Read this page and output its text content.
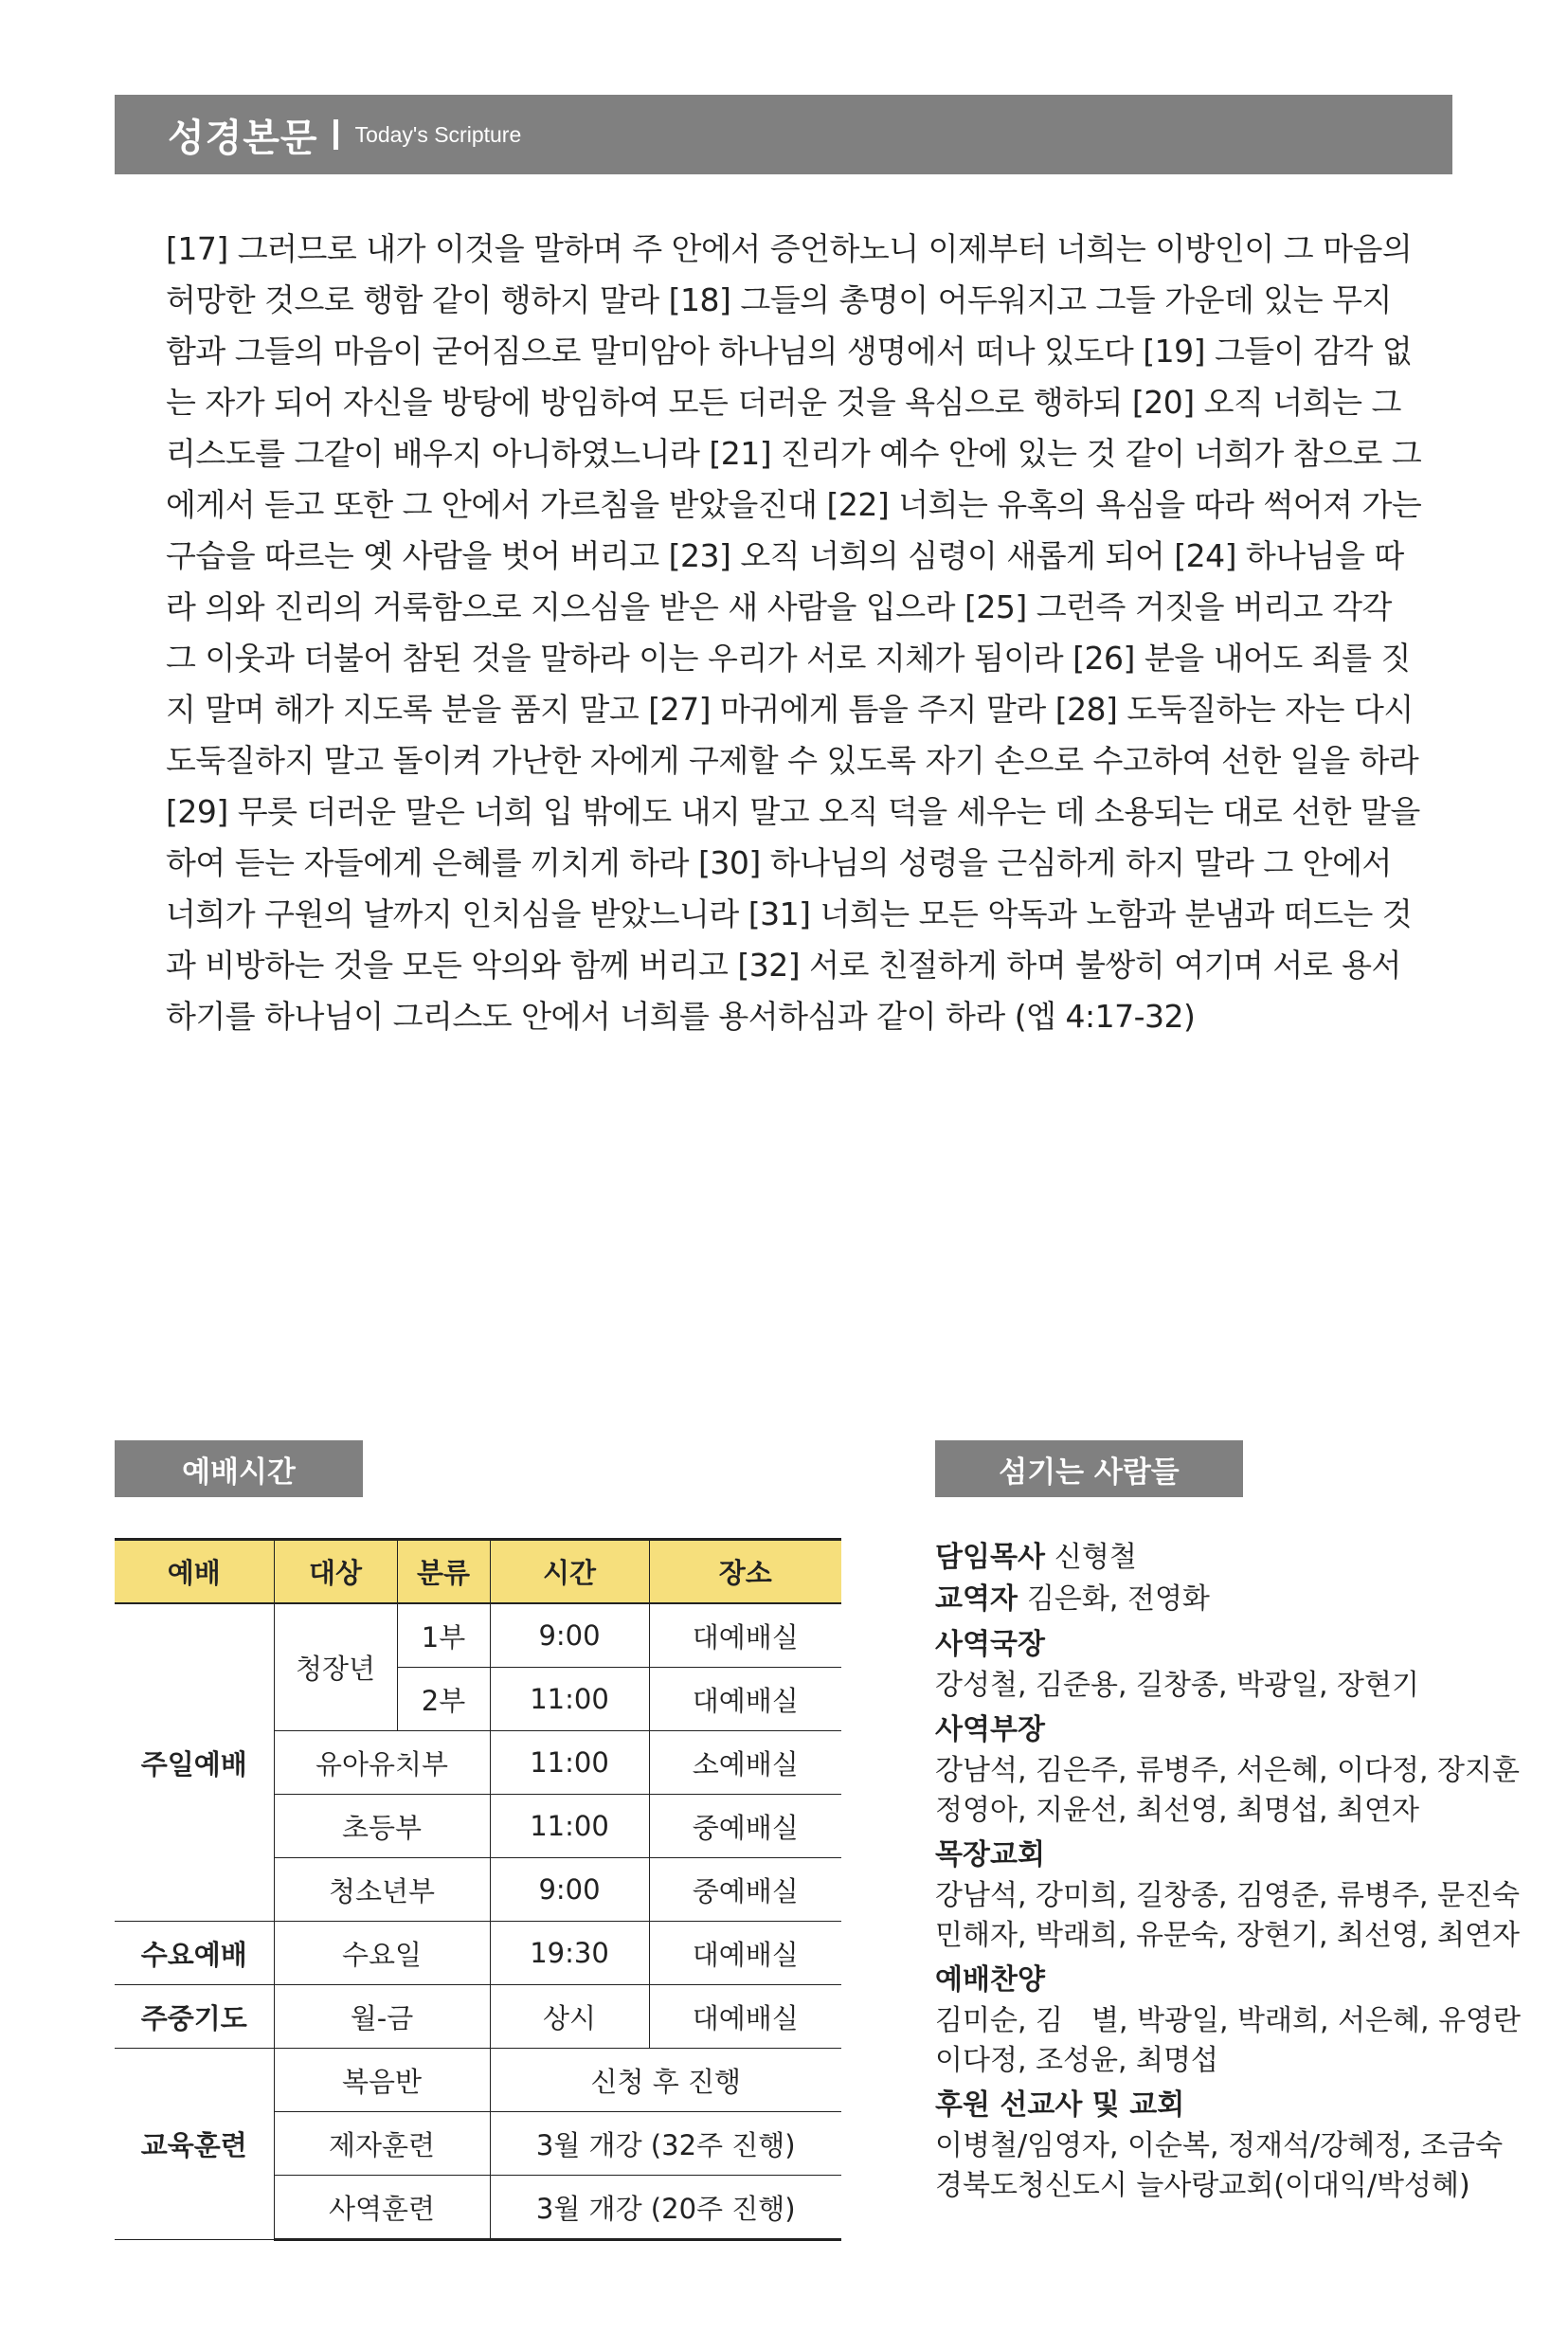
성경본문 Today's Scripture
[17] 그러므로 내가 이것을 말하며 주 안에서 증언하노니 이제부터 너희는 이방인이 그 마음의
허망한 것으로 행함 같이 행하지 말라 [18] 그들의 총명이 어두워지고 그들 가운데 있는 무지
함과 그들의 마음이 굳어짐으로 말미암아 하나님의 생명에서 떠나 있도다 [19] 그들이 감각 없
는 자가 되어 자신을 방탕에 방임하여 모든 더러운 것을 욕심으로 행하되 [20] 오직 너희는 그
리스도를 그같이 배우지 아니하였느니라 [21] 진리가 예수 안에 있는 것 같이 너희가 참으로 그
에게서 듣고 또한 그 안에서 가르침을 받았을진대 [22] 너희는 유혹의 욕심을 따라 썩어져 가는
구습을 따르는 옛 사람을 벗어 버리고 [23] 오직 너희의 심령이 새롭게 되어 [24] 하나님을 따
라 의와 진리의 거룩함으로 지으심을 받은 새 사람을 입으라 [25] 그런즉 거짓을 버리고 각각
그 이웃과 더불어 참된 것을 말하라 이는 우리가 서로 지체가 됨이라 [26] 분을 내어도 죄를 짓
지 말며 해가 지도록 분을 품지 말고 [27] 마귀에게 틈을 주지 말라 [28] 도둑질하는 자는 다시
도둑질하지 말고 돌이켜 가난한 자에게 구제할 수 있도록 자기 손으로 수고하여 선한 일을 하라
[29] 무릇 더러운 말은 너희 입 밖에도 내지 말고 오직 덕을 세우는 데 소용되는 대로 선한 말을
하여 듣는 자들에게 은혜를 끼치게 하라 [30] 하나님의 성령을 근심하게 하지 말라 그 안에서
너희가 구원의 날까지 인치심을 받았느니라 [31] 너희는 모든 악독과 노함과 분냄과 떠드는 것
과 비방하는 것을 모든 악의와 함께 버리고 [32] 서로 친절하게 하며 불쌍히 여기며 서로 용서
하기를 하나님이 그리스도 안에서 너희를 용서하심과 같이 하라 (엡 4:17-32)
예배시간	섬기는 사람들
예배	대상	분류	시간	장소
주일예배	청장년	1부	9:00	대예배실
		2부	11:00	대예배실
	유아유치부		11:00	소예배실
	초등부		11:00	중예배실
	청소년부		9:00	중예배실
수요예배	수요일		19:30	대예배실
주중기도	월-금		상시	대예배실
교육훈련	복음반		신청 후 진행	
	제자훈련		3월 개강 (32주 진행)	
	사역훈련		3월 개강 (20주 진행)	
담임목사 신형철
교역자 김은화, 전영화
사역국장
강성철, 김준용, 길창종, 박광일, 장현기
사역부장
강남석, 김은주, 류병주, 서은혜, 이다정, 장지훈
정영아, 지윤선, 최선영, 최명섭, 최연자
목장교회
강남석, 강미희, 길창종, 김영준, 류병주, 문진숙
민해자, 박래희, 유문숙, 장현기, 최선영, 최연자
예배찬양
김미순, 김　별, 박광일, 박래희, 서은혜, 유영란
이다정, 조성윤, 최명섭
후원 선교사 및 교회
이병철/임영자, 이순복, 정재석/강혜정, 조금숙
경북도청신도시 늘사랑교회(이대익/박성혜)
